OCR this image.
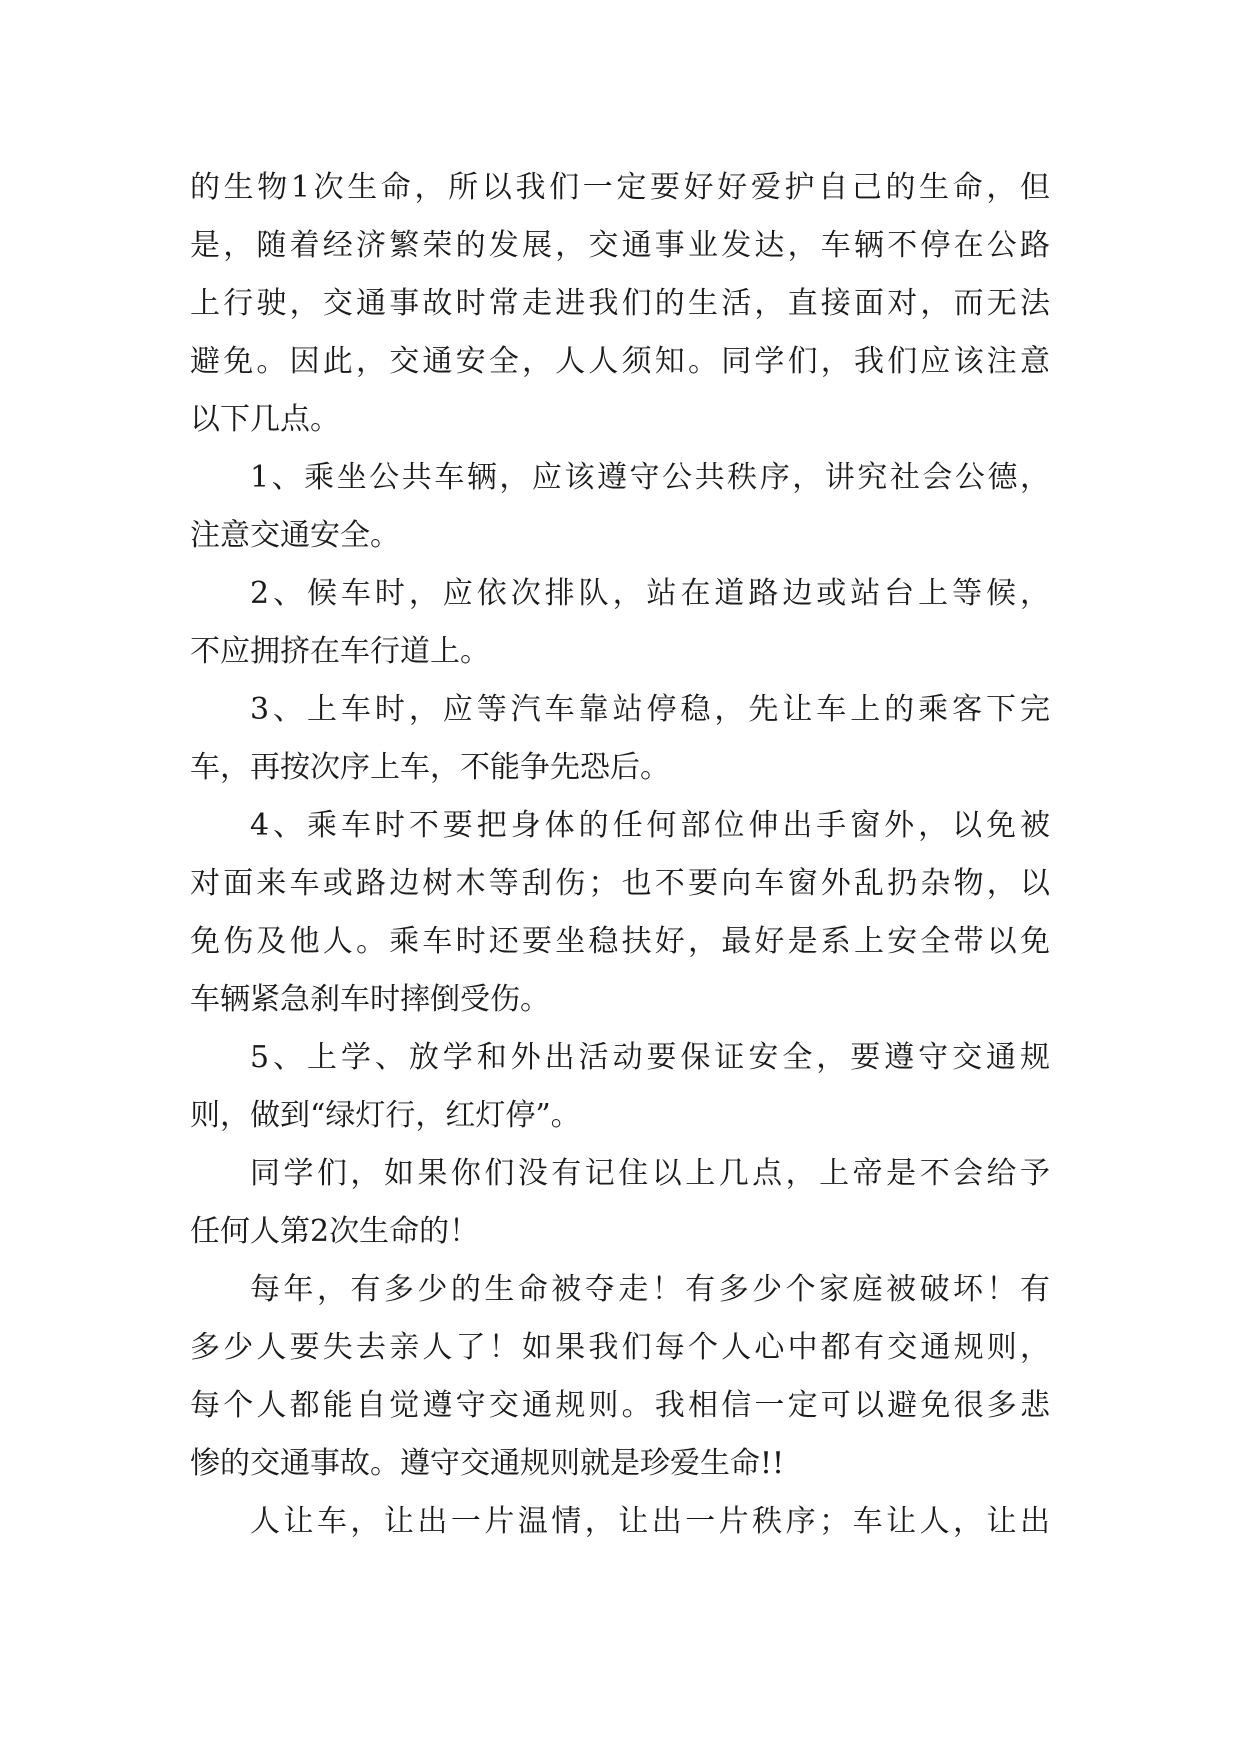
的生物1次生命，所以我们一定要好好爱护自己的生命，但
是，随着经济繁荣的发展，交通事业发达，车辆不停在公路
上行驶，交通事故时常走进我们的生活，直接面对，而无法
避免。因此，交通安全，人人须知。同学们，我们应该注意
以下几点。
1、乘坐公共车辆，应该遵守公共秩序，讲究社会公德，
注意交通安全。
2、候车时，应依次排队，站在道路边或站台上等候，
不应拥挤在车行道上。
3、上车时，应等汽车靠站停稳，先让车上的乘客下完
车，再按次序上车，不能争先恐后。
4、乘车时不要把身体的任何部位伸出手窗外，以免被
对面来车或路边树木等刮伤；也不要向车窗外乱扔杂物，以
免伤及他人。乘车时还要坐稳扶好，最好是系上安全带以免
车辆紧急刹车时摔倒受伤。
5、上学、放学和外出活动要保证安全，要遵守交通规
则，做到“绿灯行，红灯停”。
同学们，如果你们没有记住以上几点，上帝是不会给予
任何人第2次生命的！
每年，有多少的生命被夺走！有多少个家庭被破坏！有
多少人要失去亲人了！如果我们每个人心中都有交通规则，
每个人都能自觉遵守交通规则。我相信一定可以避免很多悲
惨的交通事故。遵守交通规则就是珍爱生命!!
人让车，让出一片温情，让出一片秩序；车让人，让出
